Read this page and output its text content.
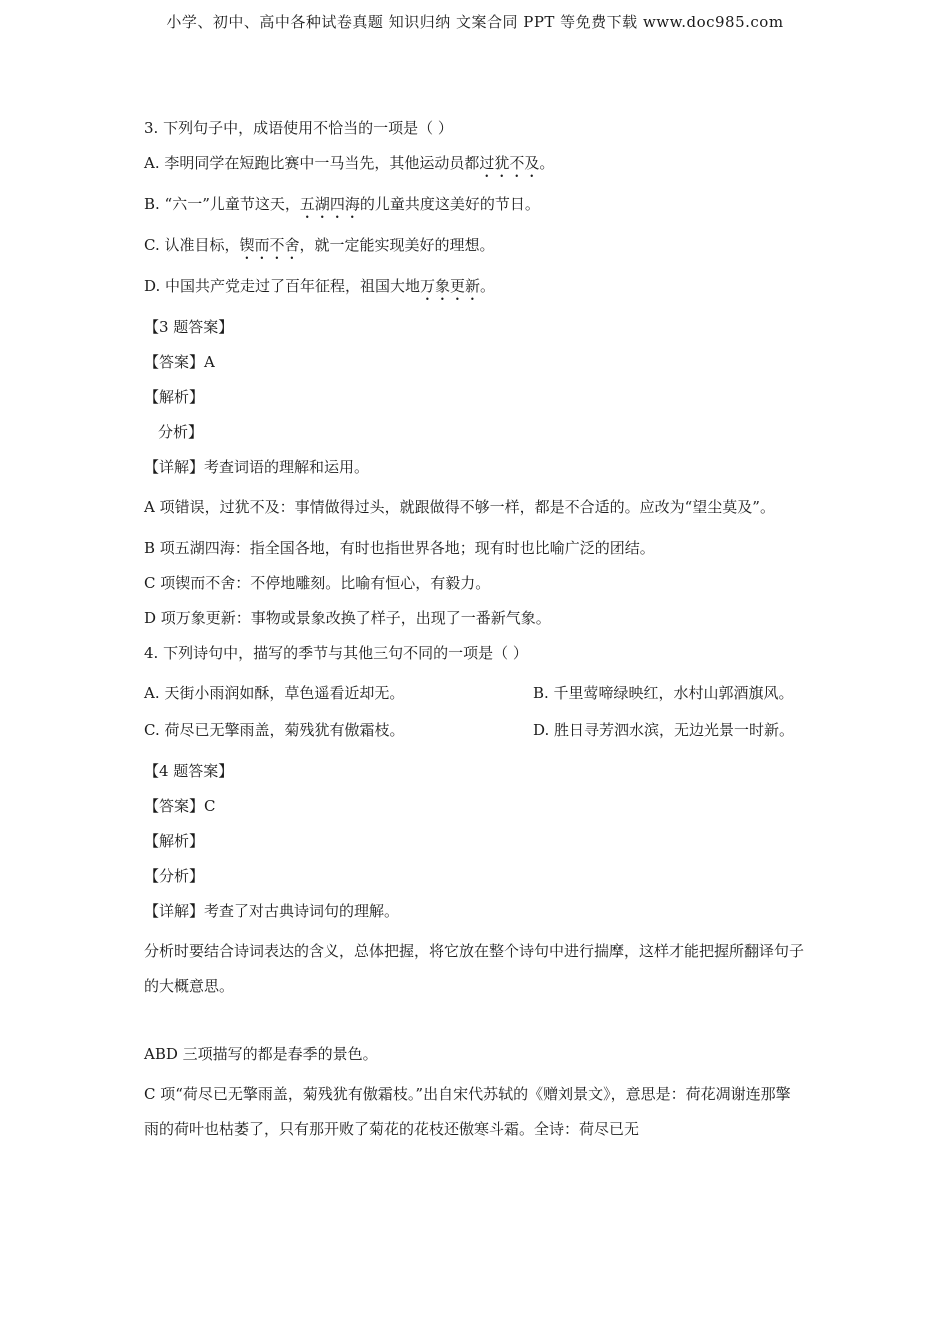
小学、初中、高中各种试卷真题 知识归纳 文案合同 PPT 等免费下载 www.doc985.com
3. 下列句子中，成语使用不恰当的一项是（ ）
A. 李明同学在短跑比赛中一马当先，其他运动员都过犹不及。
B. “六一”儿童节这天，五湖四海的儿童共度这美好的节日。
C. 认准目标，锲而不舍，就一定能实现美好的理想。
D. 中国共产党走过了百年征程，祖国大地万象更新。
【3 题答案】
【答案】A
【解析】
分析】
【详解】考查词语的理解和运用。
A 项错误，过犹不及：事情做得过头，就跟做得不够一样，都是不合适的。应改为“望尘莫及”。
B 项五湖四海：指全国各地，有时也指世界各地；现有时也比喻广泛的团结。
C 项锲而不舍：不停地雕刻。比喻有恒心，有毅力。
D 项万象更新：事物或景象改换了样子，出现了一番新气象。
4. 下列诗句中，描写的季节与其他三句不同的一项是（ ）
A. 天街小雨润如酥，草色遥看近却无。	B. 千里莺啼绿映红，水村山郭酒旗风。
C. 荷尽已无擎雨盖，菊残犹有傲霜枝。	D. 胜日寻芳泗水滨，无边光景一时新。
【4 题答案】
【答案】C
【解析】
【分析】
【详解】考查了对古典诗词句的理解。
分析时要结合诗词表达的含义，总体把握，将它放在整个诗句中进行揣摩，这样才能把握所翻译句子的大概意思。
ABD 三项描写的都是春季的景色。
C 项“荷尽已无擎雨盖，菊残犹有傲霜枝。”出自宋代苏轼的《赠刘景文》，意思是：荷花凋谢连那擎雨的荷叶也枯萎了，只有那开败了菊花的花枝还傲寒斗霜。全诗：荷尽已无
